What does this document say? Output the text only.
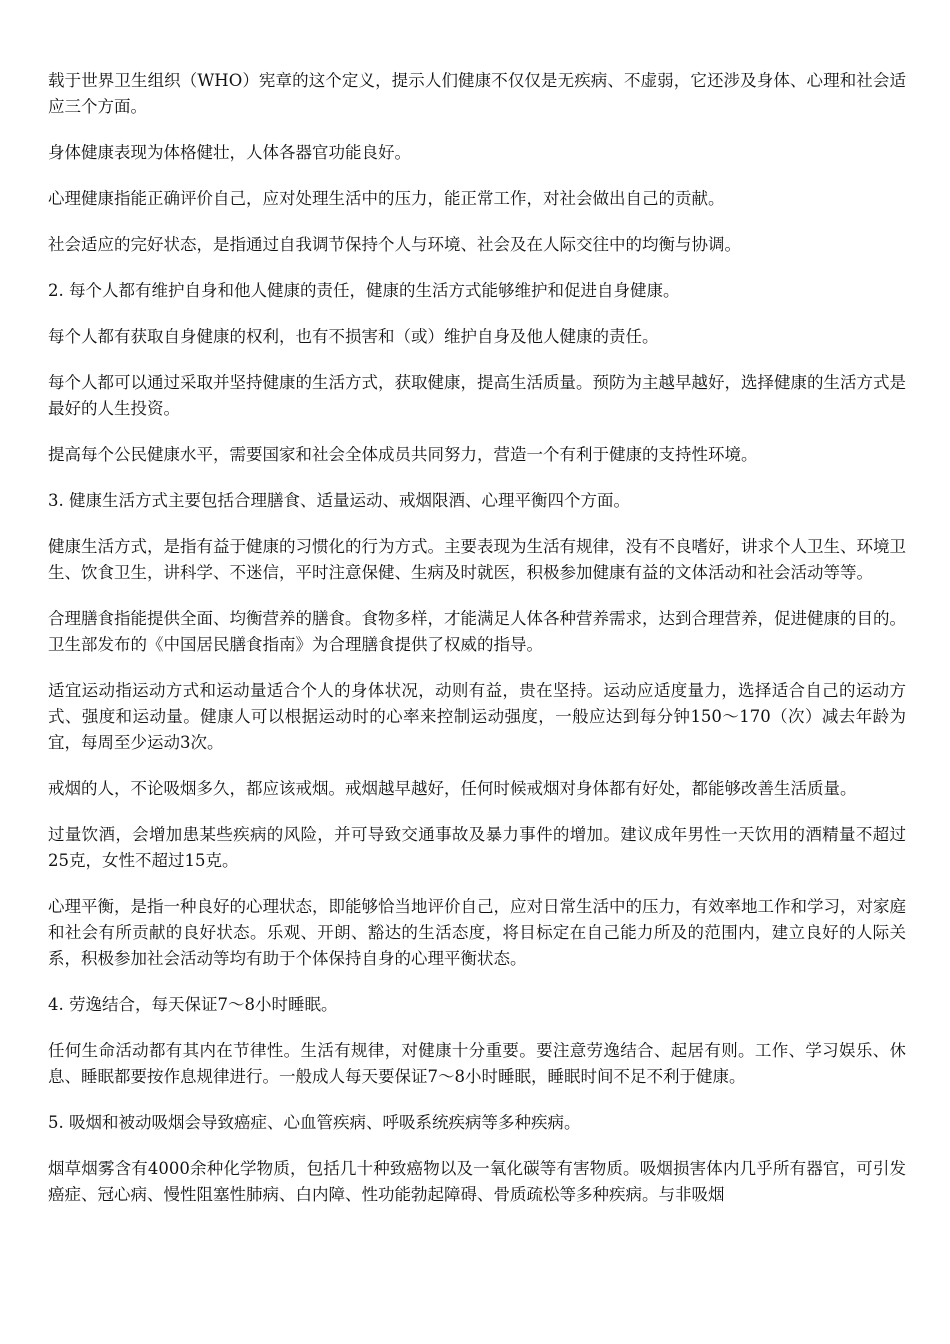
载于世界卫生组织（WHO）宪章的这个定义，提示人们健康不仅仅是无疾病、不虚弱，它还涉及身体、心理和社会适应三个方面。

身体健康表现为体格健壮，人体各器官功能良好。

心理健康指能正确评价自己，应对处理生活中的压力，能正常工作，对社会做出自己的贡献。

社会适应的完好状态，是指通过自我调节保持个人与环境、社会及在人际交往中的均衡与协调。

2. 每个人都有维护自身和他人健康的责任，健康的生活方式能够维护和促进自身健康。

每个人都有获取自身健康的权利，也有不损害和（或）维护自身及他人健康的责任。

每个人都可以通过采取并坚持健康的生活方式，获取健康，提高生活质量。预防为主越早越好，选择健康的生活方式是最好的人生投资。

提高每个公民健康水平，需要国家和社会全体成员共同努力，营造一个有利于健康的支持性环境。

3. 健康生活方式主要包括合理膳食、适量运动、戒烟限酒、心理平衡四个方面。

健康生活方式，是指有益于健康的习惯化的行为方式。主要表现为生活有规律，没有不良嗜好，讲求个人卫生、环境卫生、饮食卫生，讲科学、不迷信，平时注意保健、生病及时就医，积极参加健康有益的文体活动和社会活动等等。

合理膳食指能提供全面、均衡营养的膳食。食物多样，才能满足人体各种营养需求，达到合理营养，促进健康的目的。卫生部发布的《中国居民膳食指南》为合理膳食提供了权威的指导。

适宜运动指运动方式和运动量适合个人的身体状况，动则有益，贵在坚持。运动应适度量力，选择适合自己的运动方式、强度和运动量。健康人可以根据运动时的心率来控制运动强度，一般应达到每分钟150～170（次）减去年龄为宜，每周至少运动3次。

戒烟的人，不论吸烟多久，都应该戒烟。戒烟越早越好，任何时候戒烟对身体都有好处，都能够改善生活质量。

过量饮酒，会增加患某些疾病的风险，并可导致交通事故及暴力事件的增加。建议成年男性一天饮用的酒精量不超过25克，女性不超过15克。

心理平衡，是指一种良好的心理状态，即能够恰当地评价自己，应对日常生活中的压力，有效率地工作和学习，对家庭和社会有所贡献的良好状态。乐观、开朗、豁达的生活态度，将目标定在自己能力所及的范围内，建立良好的人际关系，积极参加社会活动等均有助于个体保持自身的心理平衡状态。

4. 劳逸结合，每天保证7～8小时睡眠。

任何生命活动都有其内在节律性。生活有规律，对健康十分重要。要注意劳逸结合、起居有则。工作、学习娱乐、休息、睡眠都要按作息规律进行。一般成人每天要保证7～8小时睡眠，睡眠时间不足不利于健康。

5. 吸烟和被动吸烟会导致癌症、心血管疾病、呼吸系统疾病等多种疾病。

烟草烟雾含有4000余种化学物质，包括几十种致癌物以及一氧化碳等有害物质。吸烟损害体内几乎所有器官，可引发癌症、冠心病、慢性阻塞性肺病、白内障、性功能勃起障碍、骨质疏松等多种疾病。与非吸烟
